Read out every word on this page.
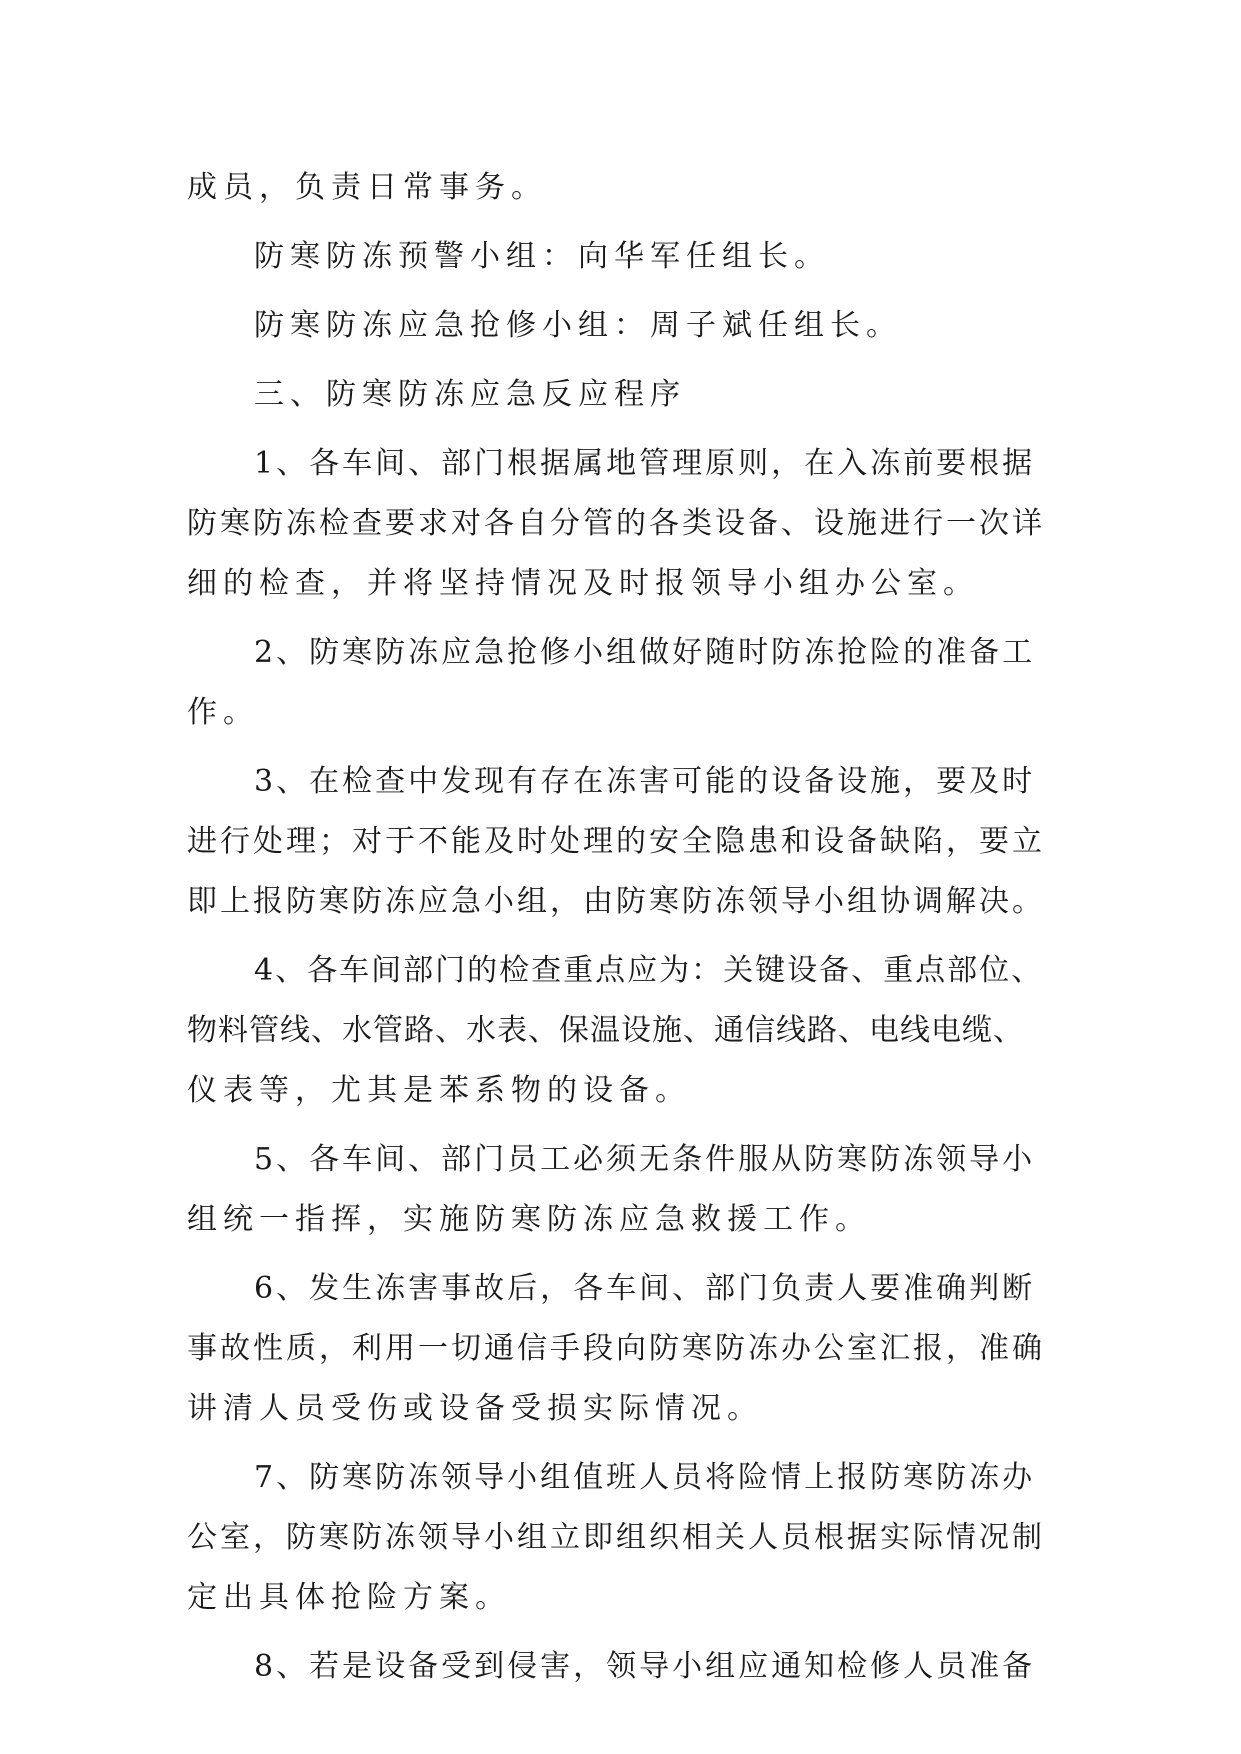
成员，负责日常事务。
防寒防冻预警小组：向华军任组长。
防寒防冻应急抢修小组：周子斌任组长。
三、防寒防冻应急反应程序
1、各车间、部门根据属地管理原则，在入冻前要根据
防寒防冻检查要求对各自分管的各类设备、设施进行一次详
细的检查，并将坚持情况及时报领导小组办公室。
2、防寒防冻应急抢修小组做好随时防冻抢险的准备工
作。
3、在检查中发现有存在冻害可能的设备设施，要及时
进行处理；对于不能及时处理的安全隐患和设备缺陷，要立
即上报防寒防冻应急小组，由防寒防冻领导小组协调解决。
4、各车间部门的检查重点应为：关键设备、重点部位、
物料管线、水管路、水表、保温设施、通信线路、电线电缆、
仪表等，尤其是苯系物的设备。
5、各车间、部门员工必须无条件服从防寒防冻领导小
组统一指挥，实施防寒防冻应急救援工作。
6、发生冻害事故后，各车间、部门负责人要准确判断
事故性质，利用一切通信手段向防寒防冻办公室汇报，准确
讲清人员受伤或设备受损实际情况。
7、防寒防冻领导小组值班人员将险情上报防寒防冻办
公室，防寒防冻领导小组立即组织相关人员根据实际情况制
定出具体抢险方案。
8、若是设备受到侵害，领导小组应通知检修人员准备
